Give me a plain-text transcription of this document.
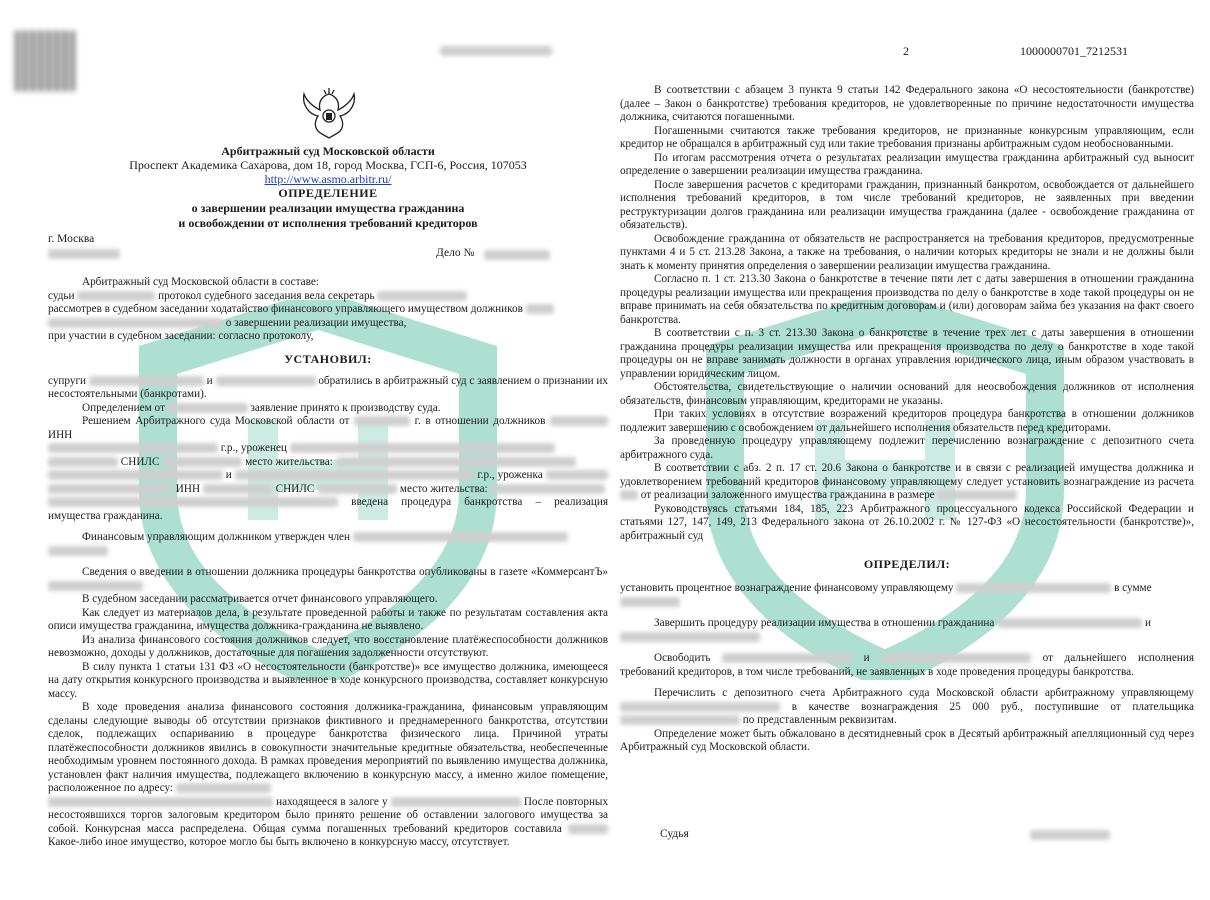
2	1000000701_7212531
Арбитражный суд Московской области
Проспект Академика Сахарова, дом 18, город Москва, ГСП-6, Россия, 107053
http://www.asmo.arbitr.ru/
ОПРЕДЕЛЕНИЕ
о завершении реализации имущества гражданина
и освобождении от исполнения требований кредиторов
г. Москва
Дело №

Арбитражный суд Московской области в составе:

судьи	протокол судебного заседания вела секретарь

рассмотрев в судебном заседании ходатайство финансового управляющего имуществом должников
о завершении реализации имущества,

при участии в судебном заседании: согласно протоколу,

УСТАНОВИЛ:

супруги	и	обратились в арбитражный суд с заявлением о признании их несостоятельными (банкротами).

Определением от	заявление принято к производству суда.

Решением Арбитражного суда Московской области от	г. в отношении должников  ИНН
г.р., уроженец
СНИЛС	место жительства:
и	г.р., уроженка
ИНН	СНИЛС	место жительства:
введена процедура банкротства – реализация имущества гражданина.

Финансовым управляющим должником утвержден член

Сведения о введении в отношении должника процедуры банкротства опубликованы в газете «КоммерсантЪ»

В судебном заседании рассматривается отчет финансового управляющего.

Как следует из материалов дела, в результате проведенной работы и также по результатам составления акта описи имущества гражданина, имущества должника-гражданина не выявлено.

Из анализа финансового состояния должников следует, что восстановление платёжеспособности должников невозможно, доходы у должников, достаточные для погашения задолженности отсутствуют.

В силу пункта 1 статьи 131 ФЗ «О несостоятельности (банкротстве)» все имущество должника, имеющееся на дату открытия конкурсного производства и выявленное в ходе конкурсного производства, составляет конкурсную массу.

В ходе проведения анализа финансового состояния должника-гражданина, финансовым управляющим сделаны следующие выводы об отсутствии признаков фиктивного и преднамеренного банкротства, отсутствии сделок, подлежащих оспариванию в процедуре банкротства физического лица. Причиной утраты платёжеспособности должников явились в совокупности значительные кредитные обязательства, необеспеченные необходимым уровнем постоянного дохода. В рамках проведения мероприятий по выявлению имущества должника, установлен факт наличия имущества, подлежащего включению в конкурсную массу, а именно жилое помещение, расположенное по адресу:
находящееся в залоге у	После повторных несостоявшихся торгов залоговым кредитором было принято решение об оставлении залогового имущества за собой. Конкурсная масса распределена. Общая сумма погашенных требований кредиторов составила  Какое-либо иное имущество, которое могло бы быть включено в конкурсную массу, отсутствует.

В соответствии с абзацем 3 пункта 9 статьи 142 Федерального закона «О несостоятельности (банкротстве) (далее – Закон о банкротстве) требования кредиторов, не удовлетворенные по причине недостаточности имущества должника, считаются погашенными.

Погашенными считаются также требования кредиторов, не признанные конкурсным управляющим, если кредитор не обращался в арбитражный суд или такие требования признаны арбитражным судом необоснованными.

По итогам рассмотрения отчета о результатах реализации имущества гражданина арбитражный суд выносит определение о завершении реализации имущества гражданина.

После завершения расчетов с кредиторами гражданин, признанный банкротом, освобождается от дальнейшего исполнения требований кредиторов, в том числе требований кредиторов, не заявленных при введении реструктуризации долгов гражданина или реализации имущества гражданина (далее - освобождение гражданина от обязательств).

Освобождение гражданина от обязательств не распространяется на требования кредиторов, предусмотренные пунктами 4 и 5 ст. 213.28 Закона, а также на требования, о наличии которых кредиторы не знали и не должны были знать к моменту принятия определения о завершении реализации имущества гражданина.

Согласно п. 1 ст. 213.30 Закона о банкротстве в течение пяти лет с даты завершения в отношении гражданина процедуры реализации имущества или прекращения производства по делу о банкротстве в ходе такой процедуры он не вправе принимать на себя обязательства по кредитным договорам и (или) договорам займа без указания на факт своего банкротства.

В соответствии с п. 3 ст. 213.30 Закона о банкротстве в течение трех лет с даты завершения в отношении гражданина процедуры реализации имущества или прекращения производства по делу о банкротстве в ходе такой процедуры он не вправе занимать должности в органах управления юридического лица, иным образом участвовать в управлении юридическим лицом.

Обстоятельства, свидетельствующие о наличии оснований для неосвобождения должников от исполнения обязательств, финансовым управляющим, кредиторами не указаны.

При таких условиях в отсутствие возражений кредиторов процедура банкротства в отношении должников подлежит завершению с освобождением от дальнейшего исполнения обязательств перед кредиторами.

За проведенную процедуру управляющему подлежит перечислению вознаграждение с депозитного счета арбитражного суда.

В соответствии с абз. 2 п. 17 ст. 20.6 Закона о банкротстве и в связи с реализацией имущества должника и удовлетворением требований кредиторов финансовому управляющему следует установить вознаграждение из расчета  от реализации заложенного имущества гражданина в размере

Руководствуясь статьями 184, 185, 223 Арбитражного процессуального кодекса Российской Федерации и статьями 127, 147, 149, 213 Федерального закона от 26.10.2002 г. № 127-ФЗ «О несостоятельности (банкротстве)», арбитражный суд

ОПРЕДЕЛИЛ:

установить процентное вознаграждение финансовому управляющему	в сумме

Завершить процедуру реализации имущества в отношении гражданина	и

Освободить	и	от дальнейшего исполнения требований кредиторов, в том числе требований, не заявленных в ходе проведения процедуры банкротства.

Перечислить с депозитного счета Арбитражного суда Московской области арбитражному управляющему  в качестве вознаграждения 25 000 руб., поступившие от плательщика  по представленным реквизитам.

Определение может быть обжаловано в десятидневный срок в Десятый арбитражный апелляционный суд через Арбитражный суд Московской области.

Судья
